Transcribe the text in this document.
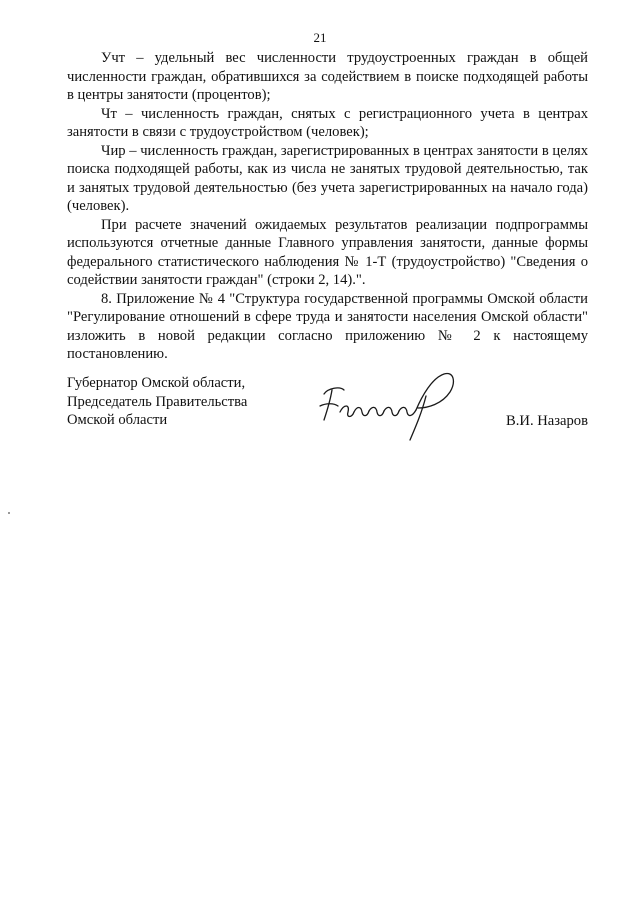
21

Учт – удельный вес численности трудоустроенных граждан в общей численности граждан, обратившихся за содействием в поиске подходящей работы в центры занятости (процентов);

Чт – численность граждан, снятых с регистрационного учета в центрах занятости в связи с трудоустройством (человек);

Чир – численность граждан, зарегистрированных в центрах занятости в целях поиска подходящей работы, как из числа не занятых трудовой деятельностью, так и занятых трудовой деятельностью (без учета зарегистрированных на начало года) (человек).

При расчете значений ожидаемых результатов реализации подпрограммы используются отчетные данные Главного управления занятости, данные формы федерального статистического наблюдения № 1-Т (трудоустройство) "Сведения о содействии занятости граждан" (строки 2, 14).".

8. Приложение № 4 "Структура государственной программы Омской области "Регулирование отношений в сфере труда и занятости населения Омской области" изложить в новой редакции согласно приложению № 2 к настоящему постановлению.

Губернатор Омской области,
Председатель Правительства
Омской области	В.И. Назаров
